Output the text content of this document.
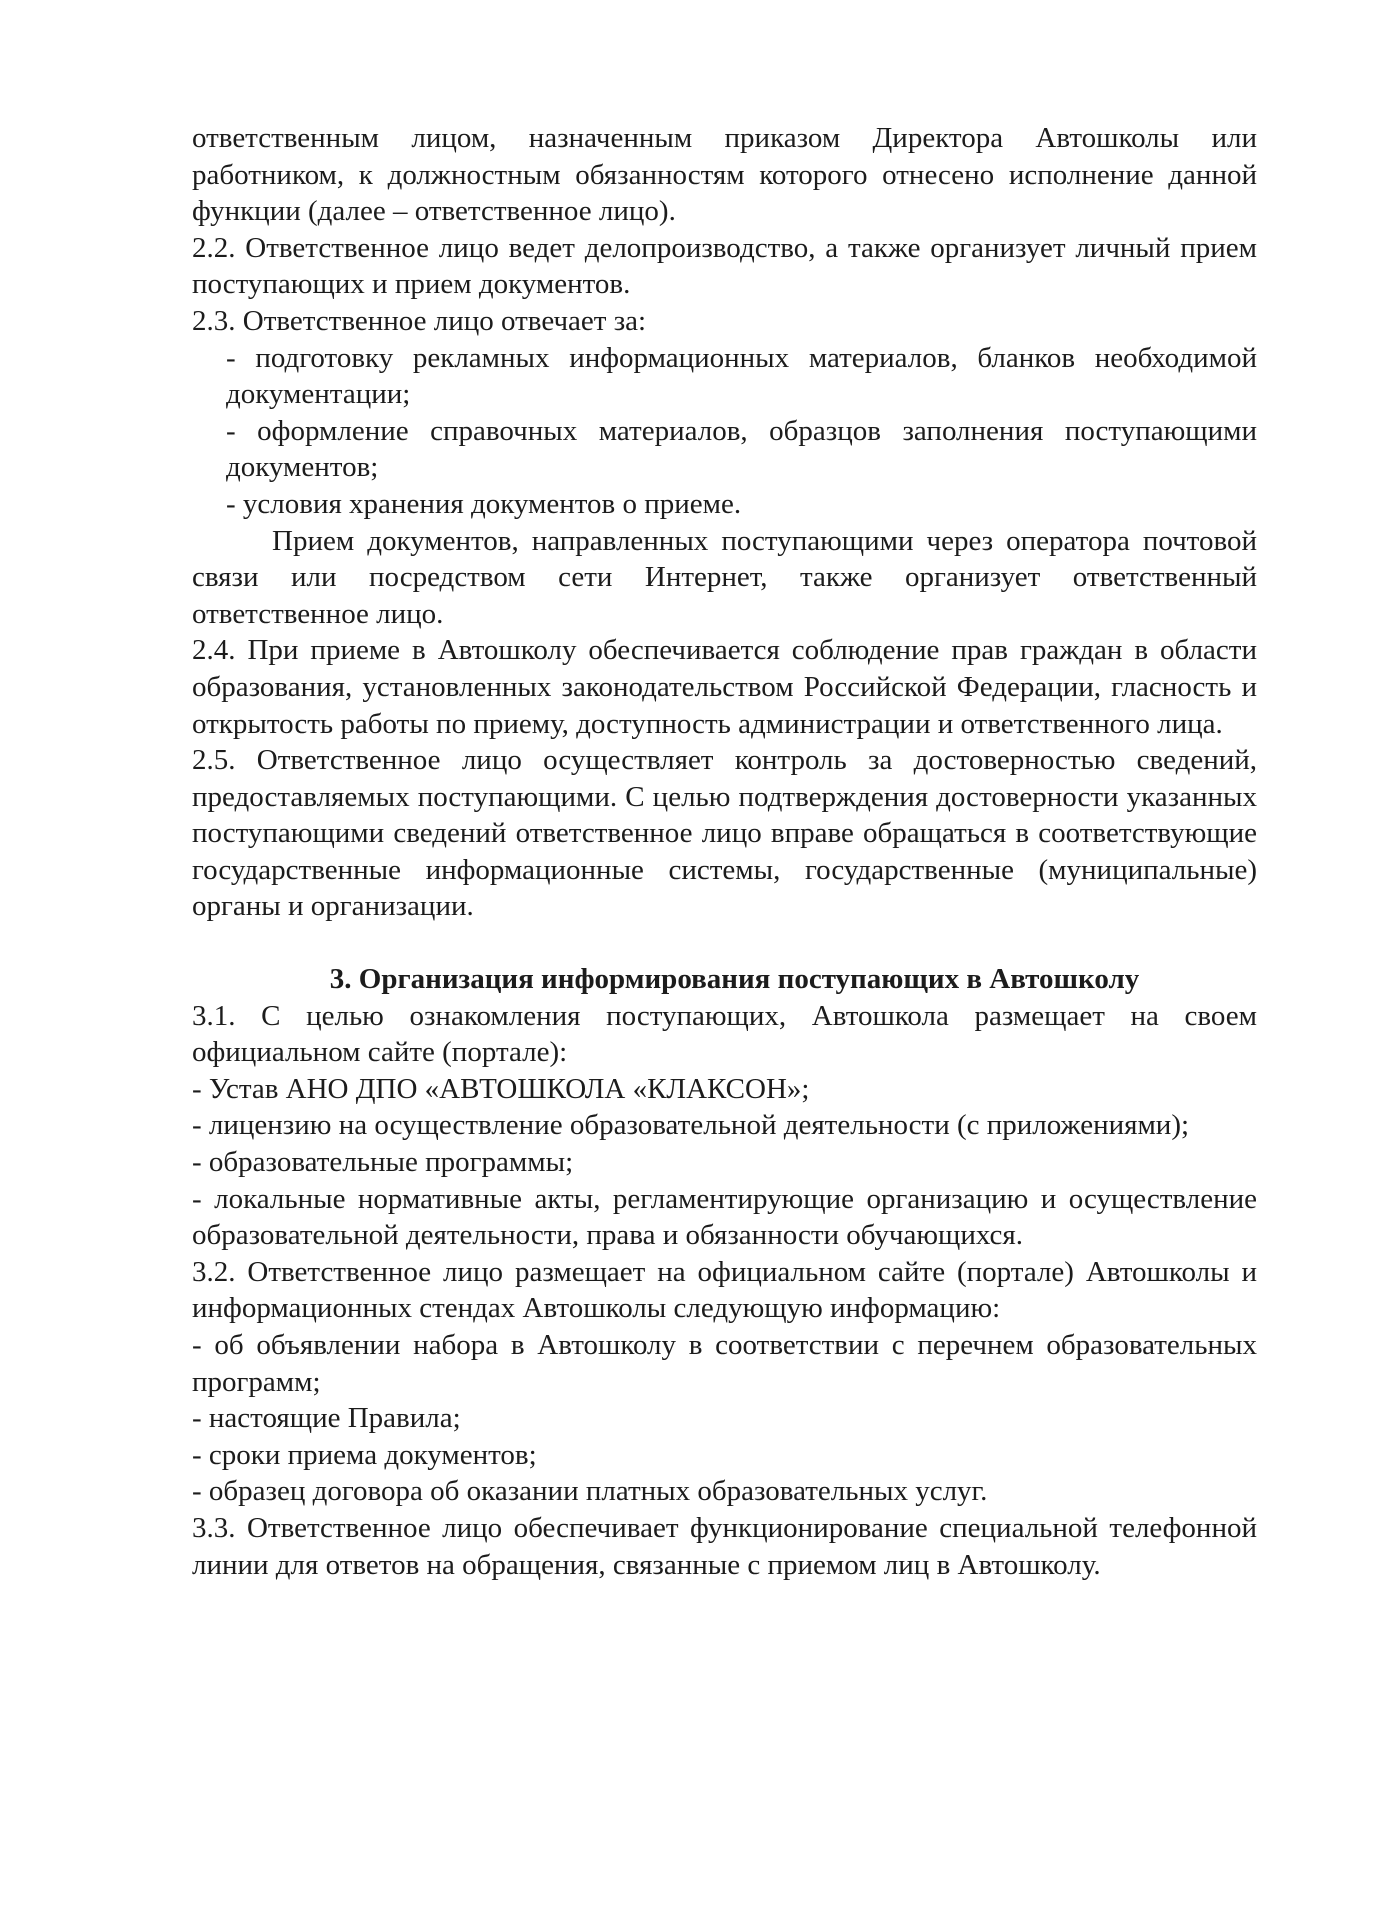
ответственным лицом, назначенным приказом Директора Автошколы или работником, к должностным обязанностям которого отнесено исполнение данной функции (далее – ответственное лицо).

2.2. Ответственное лицо ведет делопроизводство, а также организует личный прием поступающих и прием документов.

2.3. Ответственное лицо отвечает за:

- подготовку рекламных информационных материалов, бланков необходимой документации;

- оформление справочных материалов, образцов заполнения поступающими документов;

- условия хранения документов о приеме.

Прием документов, направленных поступающими через оператора почтовой связи или посредством сети Интернет, также организует ответственный ответственное лицо.

2.4. При приеме в Автошколу обеспечивается соблюдение прав граждан в области образования, установленных законодательством Российской Федерации, гласность и открытость работы по приему, доступность администрации и ответственного лица.

2.5. Ответственное лицо осуществляет контроль за достоверностью сведений, предоставляемых поступающими. С целью подтверждения достоверности указанных поступающими сведений ответственное лицо вправе обращаться в соответствующие государственные информационные системы, государственные (муниципальные) органы и организации.

3. Организация информирования поступающих в Автошколу

3.1. С целью ознакомления поступающих, Автошкола размещает на своем официальном сайте (портале):

- Устав АНО ДПО «АВТОШКОЛА «КЛАКСОН»;

- лицензию на осуществление образовательной деятельности (с приложениями);

- образовательные программы;

- локальные нормативные акты, регламентирующие организацию и осуществление образовательной деятельности, права и обязанности обучающихся.

3.2. Ответственное лицо размещает на официальном сайте (портале) Автошколы и информационных стендах Автошколы следующую информацию:

- об объявлении набора в Автошколу в соответствии с перечнем образовательных программ;

- настоящие Правила;

- сроки приема документов;

- образец договора об оказании платных образовательных услуг.

3.3. Ответственное лицо обеспечивает функционирование специальной телефонной линии для ответов на обращения, связанные с приемом лиц в Автошколу.
